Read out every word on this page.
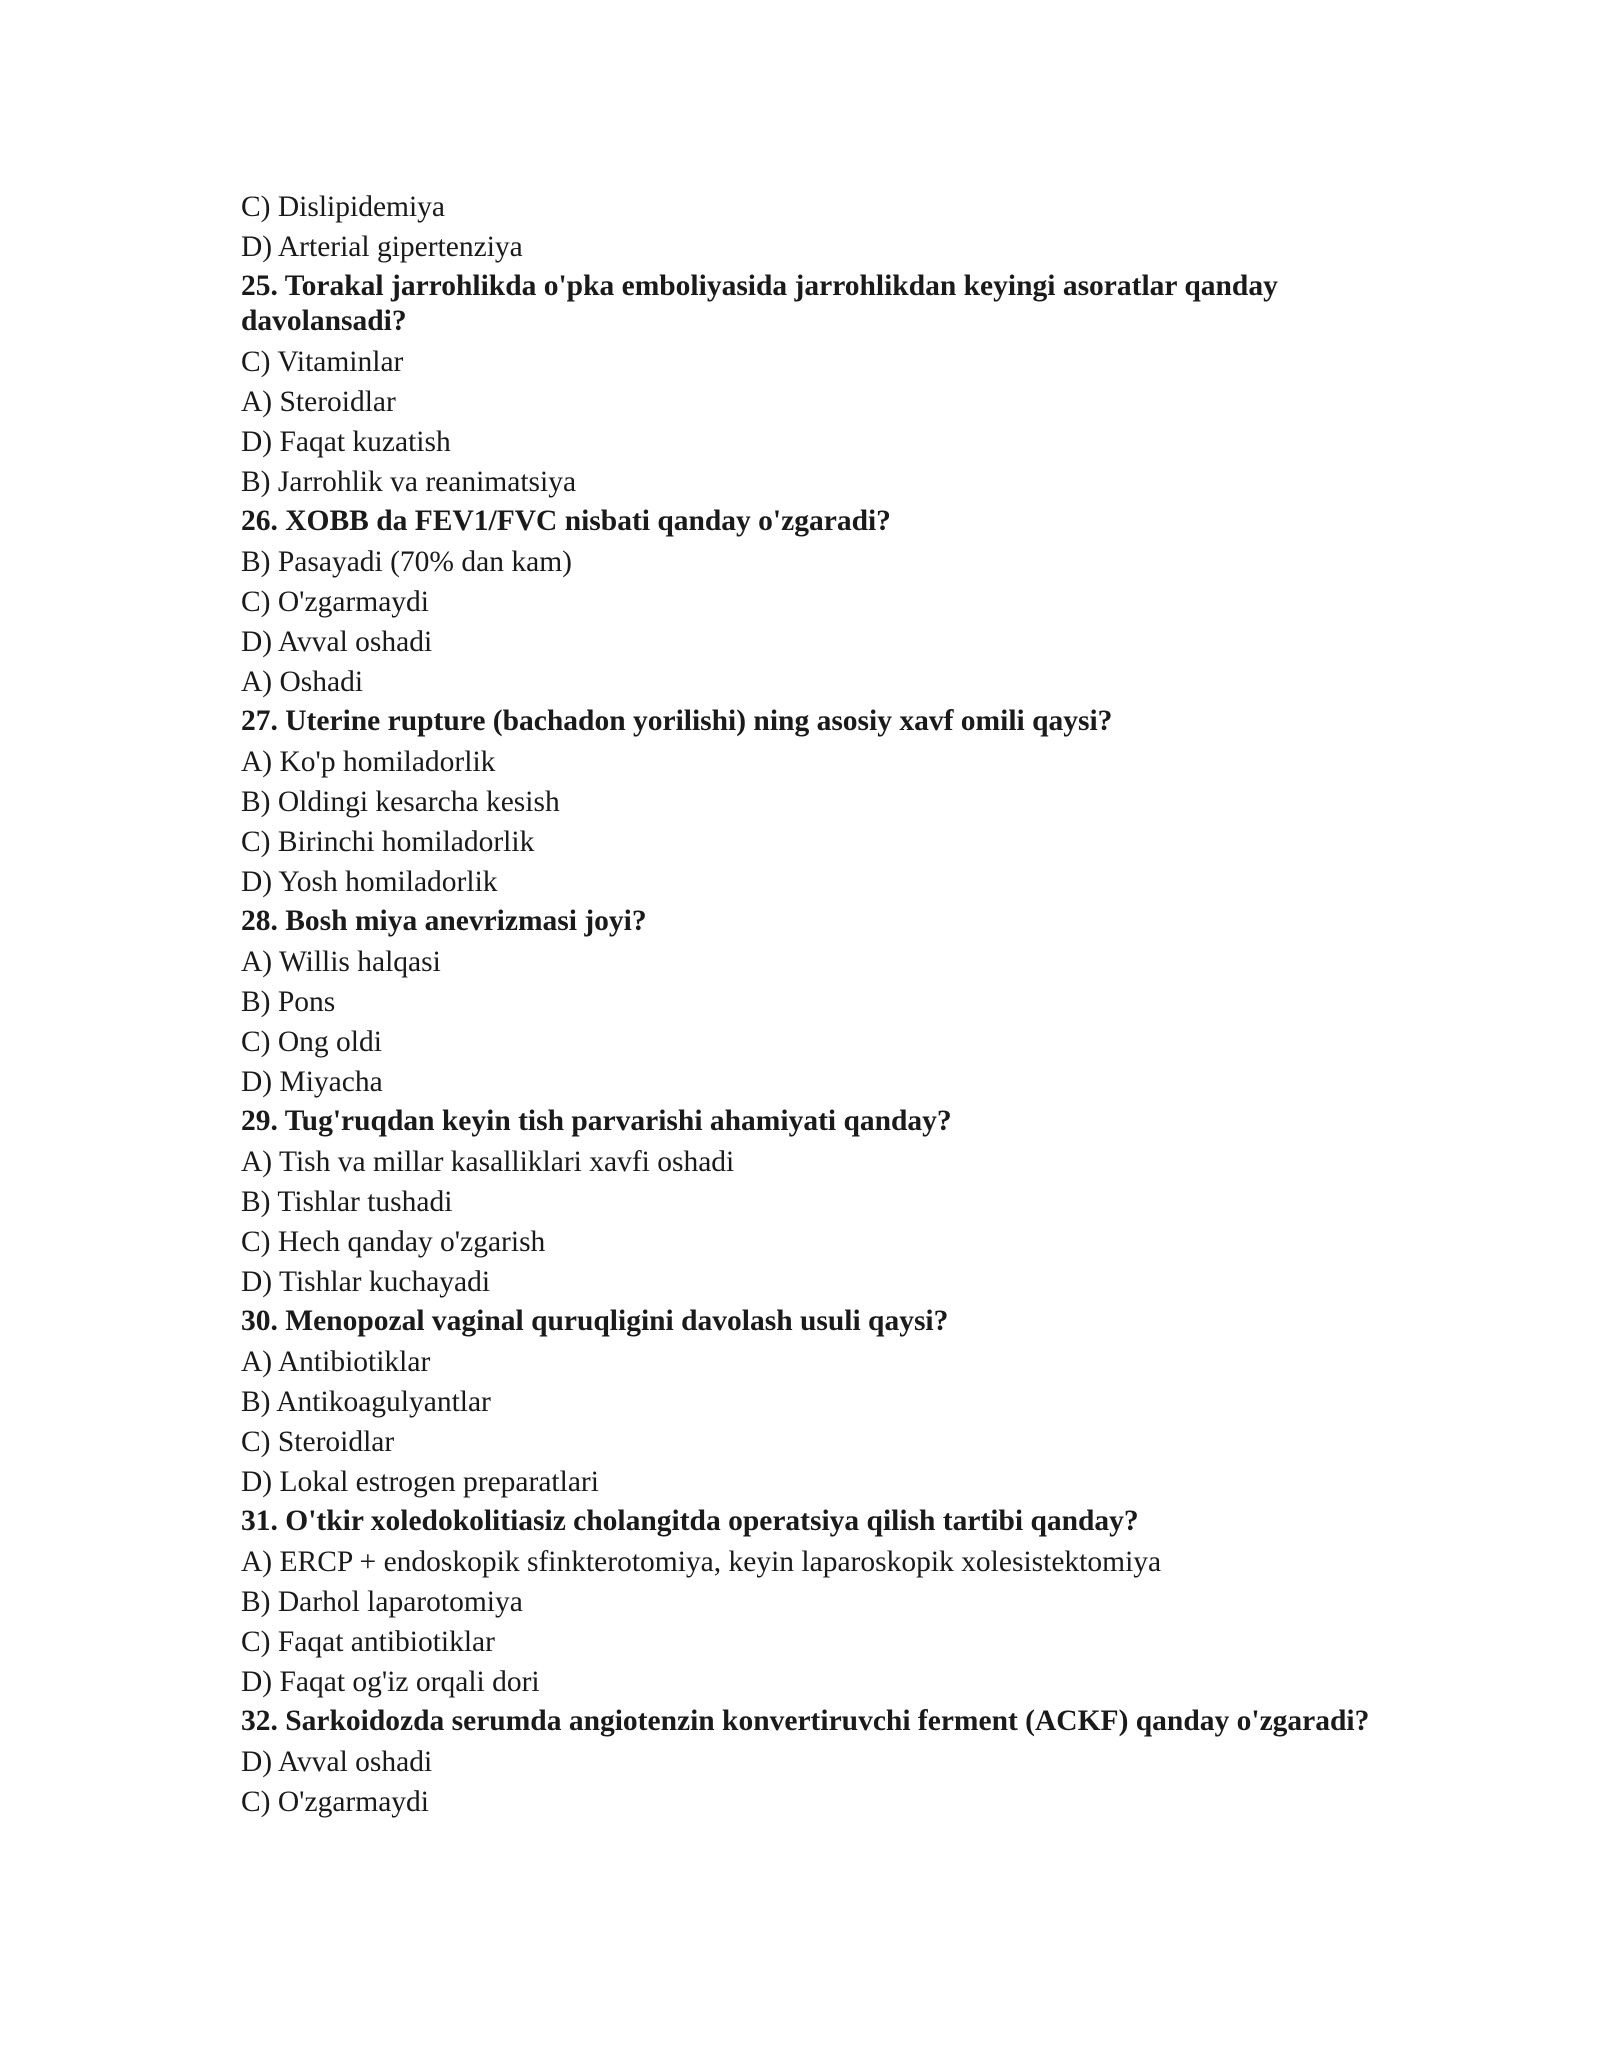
C) Dislipidemiya
D) Arterial gipertenziya
25. Torakal jarrohlikda o'pka emboliyasida jarrohlikdan keyingi asoratlar qanday davolansadi?
C) Vitaminlar
A) Steroidlar
D) Faqat kuzatish
B) Jarrohlik va reanimatsiya
26. XOBB da FEV1/FVC nisbati qanday o'zgaradi?
B) Pasayadi (70% dan kam)
C) O'zgarmaydi
D) Avval oshadi
A) Oshadi
27. Uterine rupture (bachadon yorilishi) ning asosiy xavf omili qaysi?
A) Ko'p homiladorlik
B) Oldingi kesarcha kesish
C) Birinchi homiladorlik
D) Yosh homiladorlik
28. Bosh miya anevrizmasi joyi?
A) Willis halqasi
B) Pons
C) Ong oldi
D) Miyacha
29. Tug'ruqdan keyin tish parvarishi ahamiyati qanday?
A) Tish va millar kasalliklari xavfi oshadi
B) Tishlar tushadi
C) Hech qanday o'zgarish
D) Tishlar kuchayadi
30. Menopozal vaginal quruqligini davolash usuli qaysi?
A) Antibiotiklar
B) Antikoagulyantlar
C) Steroidlar
D) Lokal estrogen preparatlari
31. O'tkir xoledokolitiasiz cholangitda operatsiya qilish tartibi qanday?
A) ERCP + endoskopik sfinkterotomiya, keyin laparoskopik xolesistektomiya
B) Darhol laparotomiya
C) Faqat antibiotiklar
D) Faqat og'iz orqali dori
32. Sarkoidozda serumda angiotenzin konvertiruvchi ferment (ACKF) qanday o'zgaradi?
D) Avval oshadi
C) O'zgarmaydi
